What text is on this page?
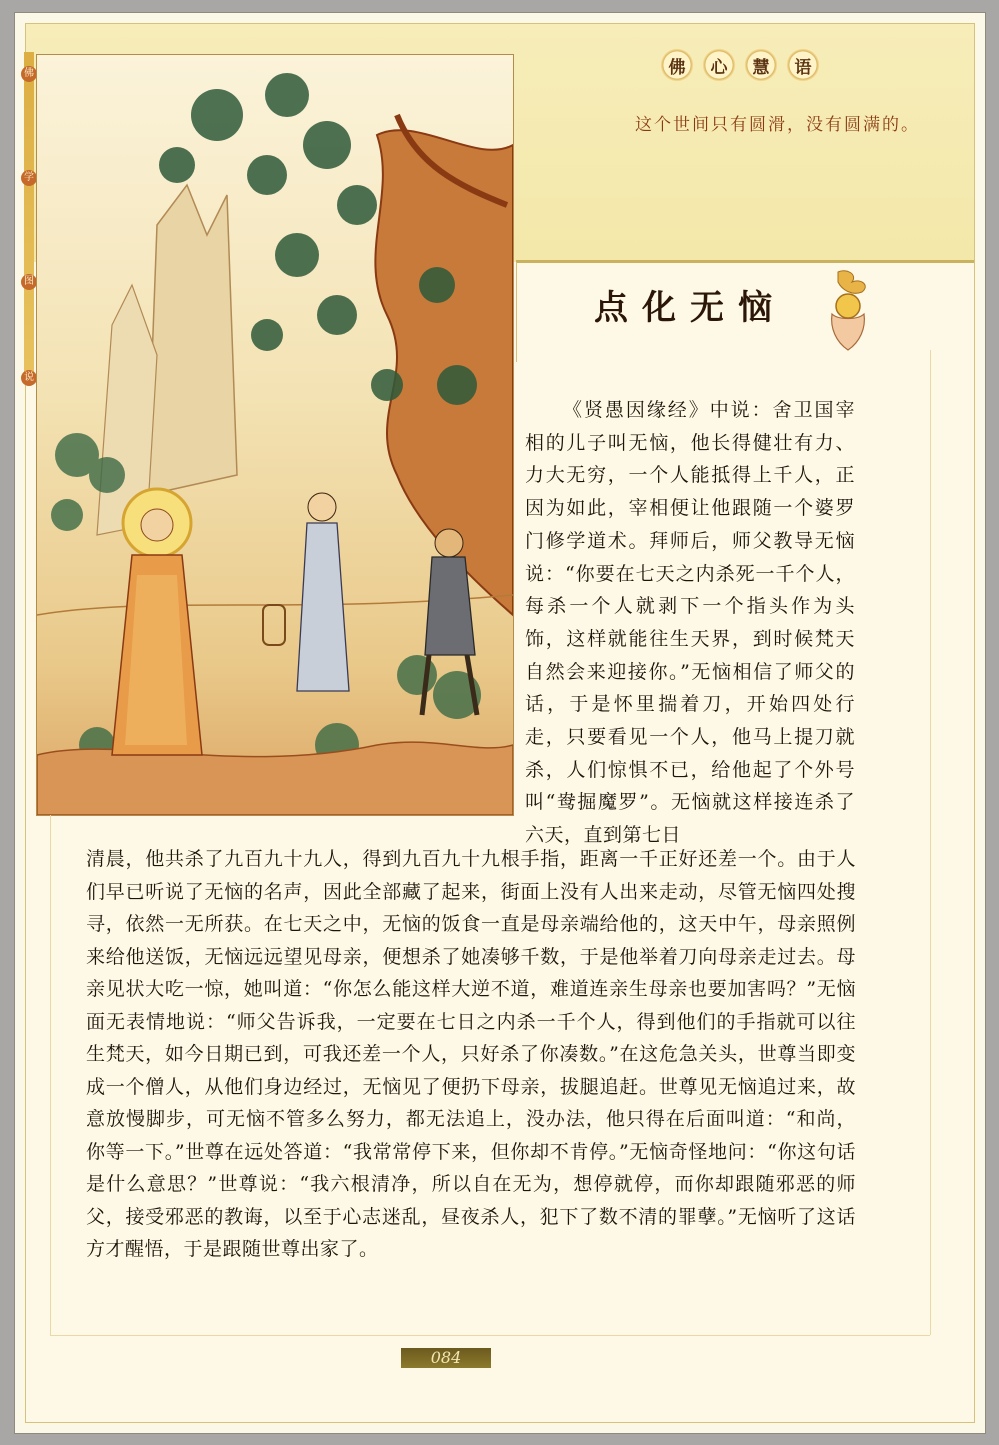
佛
学
图
说
佛	心	慧	语
这个世间只有圆滑，没有圆满的。
点化无恼

《贤愚因缘经》中说：舍卫国宰相的儿子叫无恼，他长得健壮有力、力大无穷，一个人能抵得上千人，正因为如此，宰相便让他跟随一个婆罗门修学道术。拜师后，师父教导无恼说：“你要在七天之内杀死一千个人，每杀一个人就剥下一个指头作为头饰，这样就能往生天界，到时候梵天自然会来迎接你。”无恼相信了师父的话，于是怀里揣着刀，开始四处行走，只要看见一个人，他马上提刀就杀，人们惊惧不已，给他起了个外号叫“鸯掘魔罗”。无恼就这样接连杀了六天，直到第七日

清晨，他共杀了九百九十九人，得到九百九十九根手指，距离一千正好还差一个。由于人们早已听说了无恼的名声，因此全部藏了起来，街面上没有人出来走动，尽管无恼四处搜寻，依然一无所获。在七天之中，无恼的饭食一直是母亲端给他的，这天中午，母亲照例来给他送饭，无恼远远望见母亲，便想杀了她凑够千数，于是他举着刀向母亲走过去。母亲见状大吃一惊，她叫道：“你怎么能这样大逆不道，难道连亲生母亲也要加害吗？”无恼面无表情地说：“师父告诉我，一定要在七日之内杀一千个人，得到他们的手指就可以往生梵天，如今日期已到，可我还差一个人，只好杀了你凑数。”在这危急关头，世尊当即变成一个僧人，从他们身边经过，无恼见了便扔下母亲，拔腿追赶。世尊见无恼追过来，故意放慢脚步，可无恼不管多么努力，都无法追上，没办法，他只得在后面叫道：“和尚，你等一下。”世尊在远处答道：“我常常停下来，但你却不肯停。”无恼奇怪地问：“你这句话是什么意思？”世尊说：“我六根清净，所以自在无为，想停就停，而你却跟随邪恶的师父，接受邪恶的教诲，以至于心志迷乱，昼夜杀人，犯下了数不清的罪孽。”无恼听了这话方才醒悟，于是跟随世尊出家了。

084
